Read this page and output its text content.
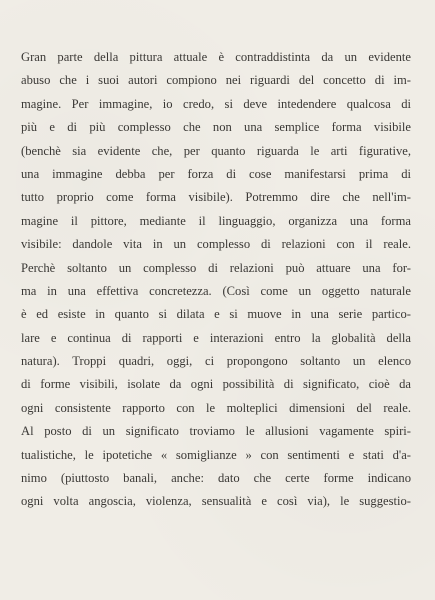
Gran parte della pittura attuale è contraddistinta da un evidente
abuso che i suoi autori compiono nei riguardi del concetto di im-
magine. Per immagine, io credo, si deve intedendere qualcosa di
più e di più complesso che non una semplice forma visibile
(benchè sia evidente che, per quanto riguarda le arti figurative,
una immagine debba per forza di cose manifestarsi prima di
tutto proprio come forma visibile). Potremmo dire che nell'im-
magine il pittore, mediante il linguaggio, organizza una forma
visibile: dandole vita in un complesso di relazioni con il reale.
Perchè soltanto un complesso di relazioni può attuare una for-
ma in una effettiva concretezza. (Così come un oggetto naturale
è ed esiste in quanto si dilata e si muove in una serie partico-
lare e continua di rapporti e interazioni entro la globalità della
natura). Troppi quadri, oggi, ci propongono soltanto un elenco
di forme visibili, isolate da ogni possibilità di significato, cioè da
ogni consistente rapporto con le molteplici dimensioni del reale.
Al posto di un significato troviamo le allusioni vagamente spiri-
tualistiche, le ipotetiche « somiglianze » con sentimenti e stati d'a-
nimo (piuttosto banali, anche: dato che certe forme indicano
ogni volta angoscia, violenza, sensualità e così via), le suggestio-
